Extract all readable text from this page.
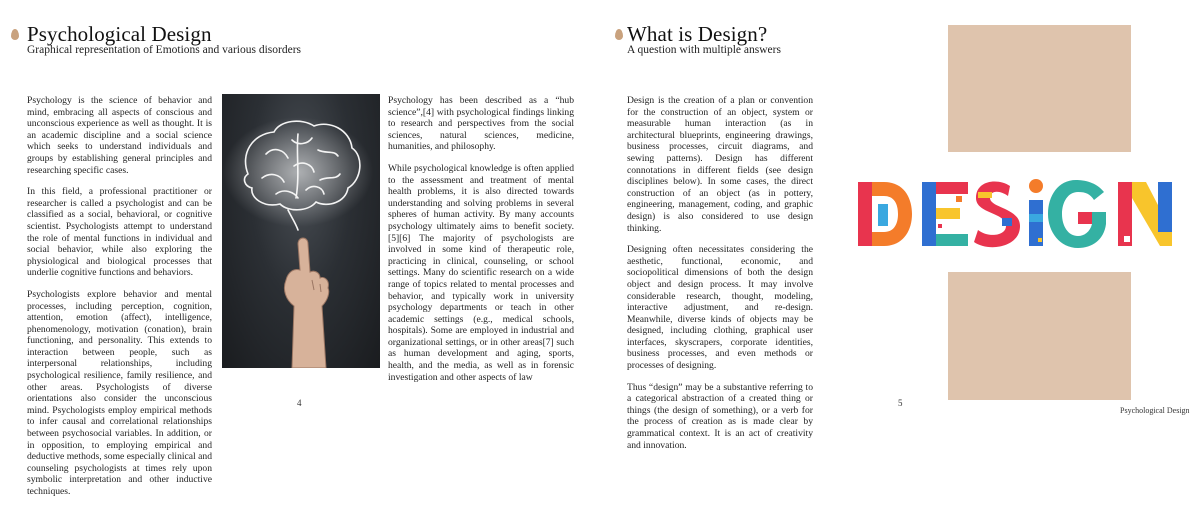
Psychological Design
Graphical representation of Emotions and various disorders

Psychology is the science of behavior and mind, embracing all aspects of conscious and unconscious experience as well as thought. It is an academic discipline and a social science which seeks to understand individuals and groups by establishing general principles and researching specific cases.

In this field, a professional practitioner or researcher is called a psychologist and can be classified as a social, behavioral, or cognitive scientist. Psychologists attempt to understand the role of mental functions in individual and social behavior, while also exploring the physiological and biological processes that underlie cognitive functions and behaviors.

Psychologists explore behavior and mental processes, including perception, cognition, attention, emotion (affect), intelligence, phenomenology, motivation (conation), brain functioning, and personality. This extends to interaction between people, such as interpersonal relationships, including psychological resilience, family resilience, and other areas. Psychologists of diverse orientations also consider the unconscious mind. Psychologists employ empirical methods to infer causal and correlational relationships between psychosocial variables. In addition, or in opposition, to employing empirical and deductive methods, some especially clinical and counseling psychologists at times rely upon symbolic interpretation and other inductive techniques.

Psychology has been described as a “hub science”,[4] with psychological findings linking to research and perspectives from the social sciences, natural sciences, medicine, humanities, and philosophy.

While psychological knowledge is often applied to the assessment and treatment of mental health problems, it is also directed towards understanding and solving problems in several spheres of human activity. By many accounts psychology ultimately aims to benefit society.[5][6] The majority of psychologists are involved in some kind of therapeutic role, practicing in clinical, counseling, or school settings. Many do scientific research on a wide range of topics related to mental processes and behavior, and typically work in university psychology departments or teach in other academic settings (e.g., medical schools, hospitals). Some are employed in industrial and organizational settings, or in other areas[7] such as human development and aging, sports, health, and the media, as well as in forensic investigation and other aspects of law

4
What is Design?
A question with multiple answers

Design is the creation of a plan or convention for the construction of an object, system or measurable human interaction (as in architectural blueprints, engineering drawings, business processes, circuit diagrams, and sewing patterns). Design has different connotations in different fields (see design disciplines below). In some cases, the direct construction of an object (as in pottery, engineering, management, coding, and graphic design) is also considered to use design thinking.

Designing often necessitates considering the aesthetic, functional, economic, and sociopolitical dimensions of both the design object and design process. It may involve considerable research, thought, modeling, interactive adjustment, and re-design. Meanwhile, diverse kinds of objects may be designed, including clothing, graphical user interfaces, skyscrapers, corporate identities, business processes, and even methods or processes of designing.

Thus “design” may be a substantive referring to a categorical abstraction of a created thing or things (the design of something), or a verb for the process of creation as is made clear by grammatical context. It is an act of creativity and innovation.

5
Psychological Design
